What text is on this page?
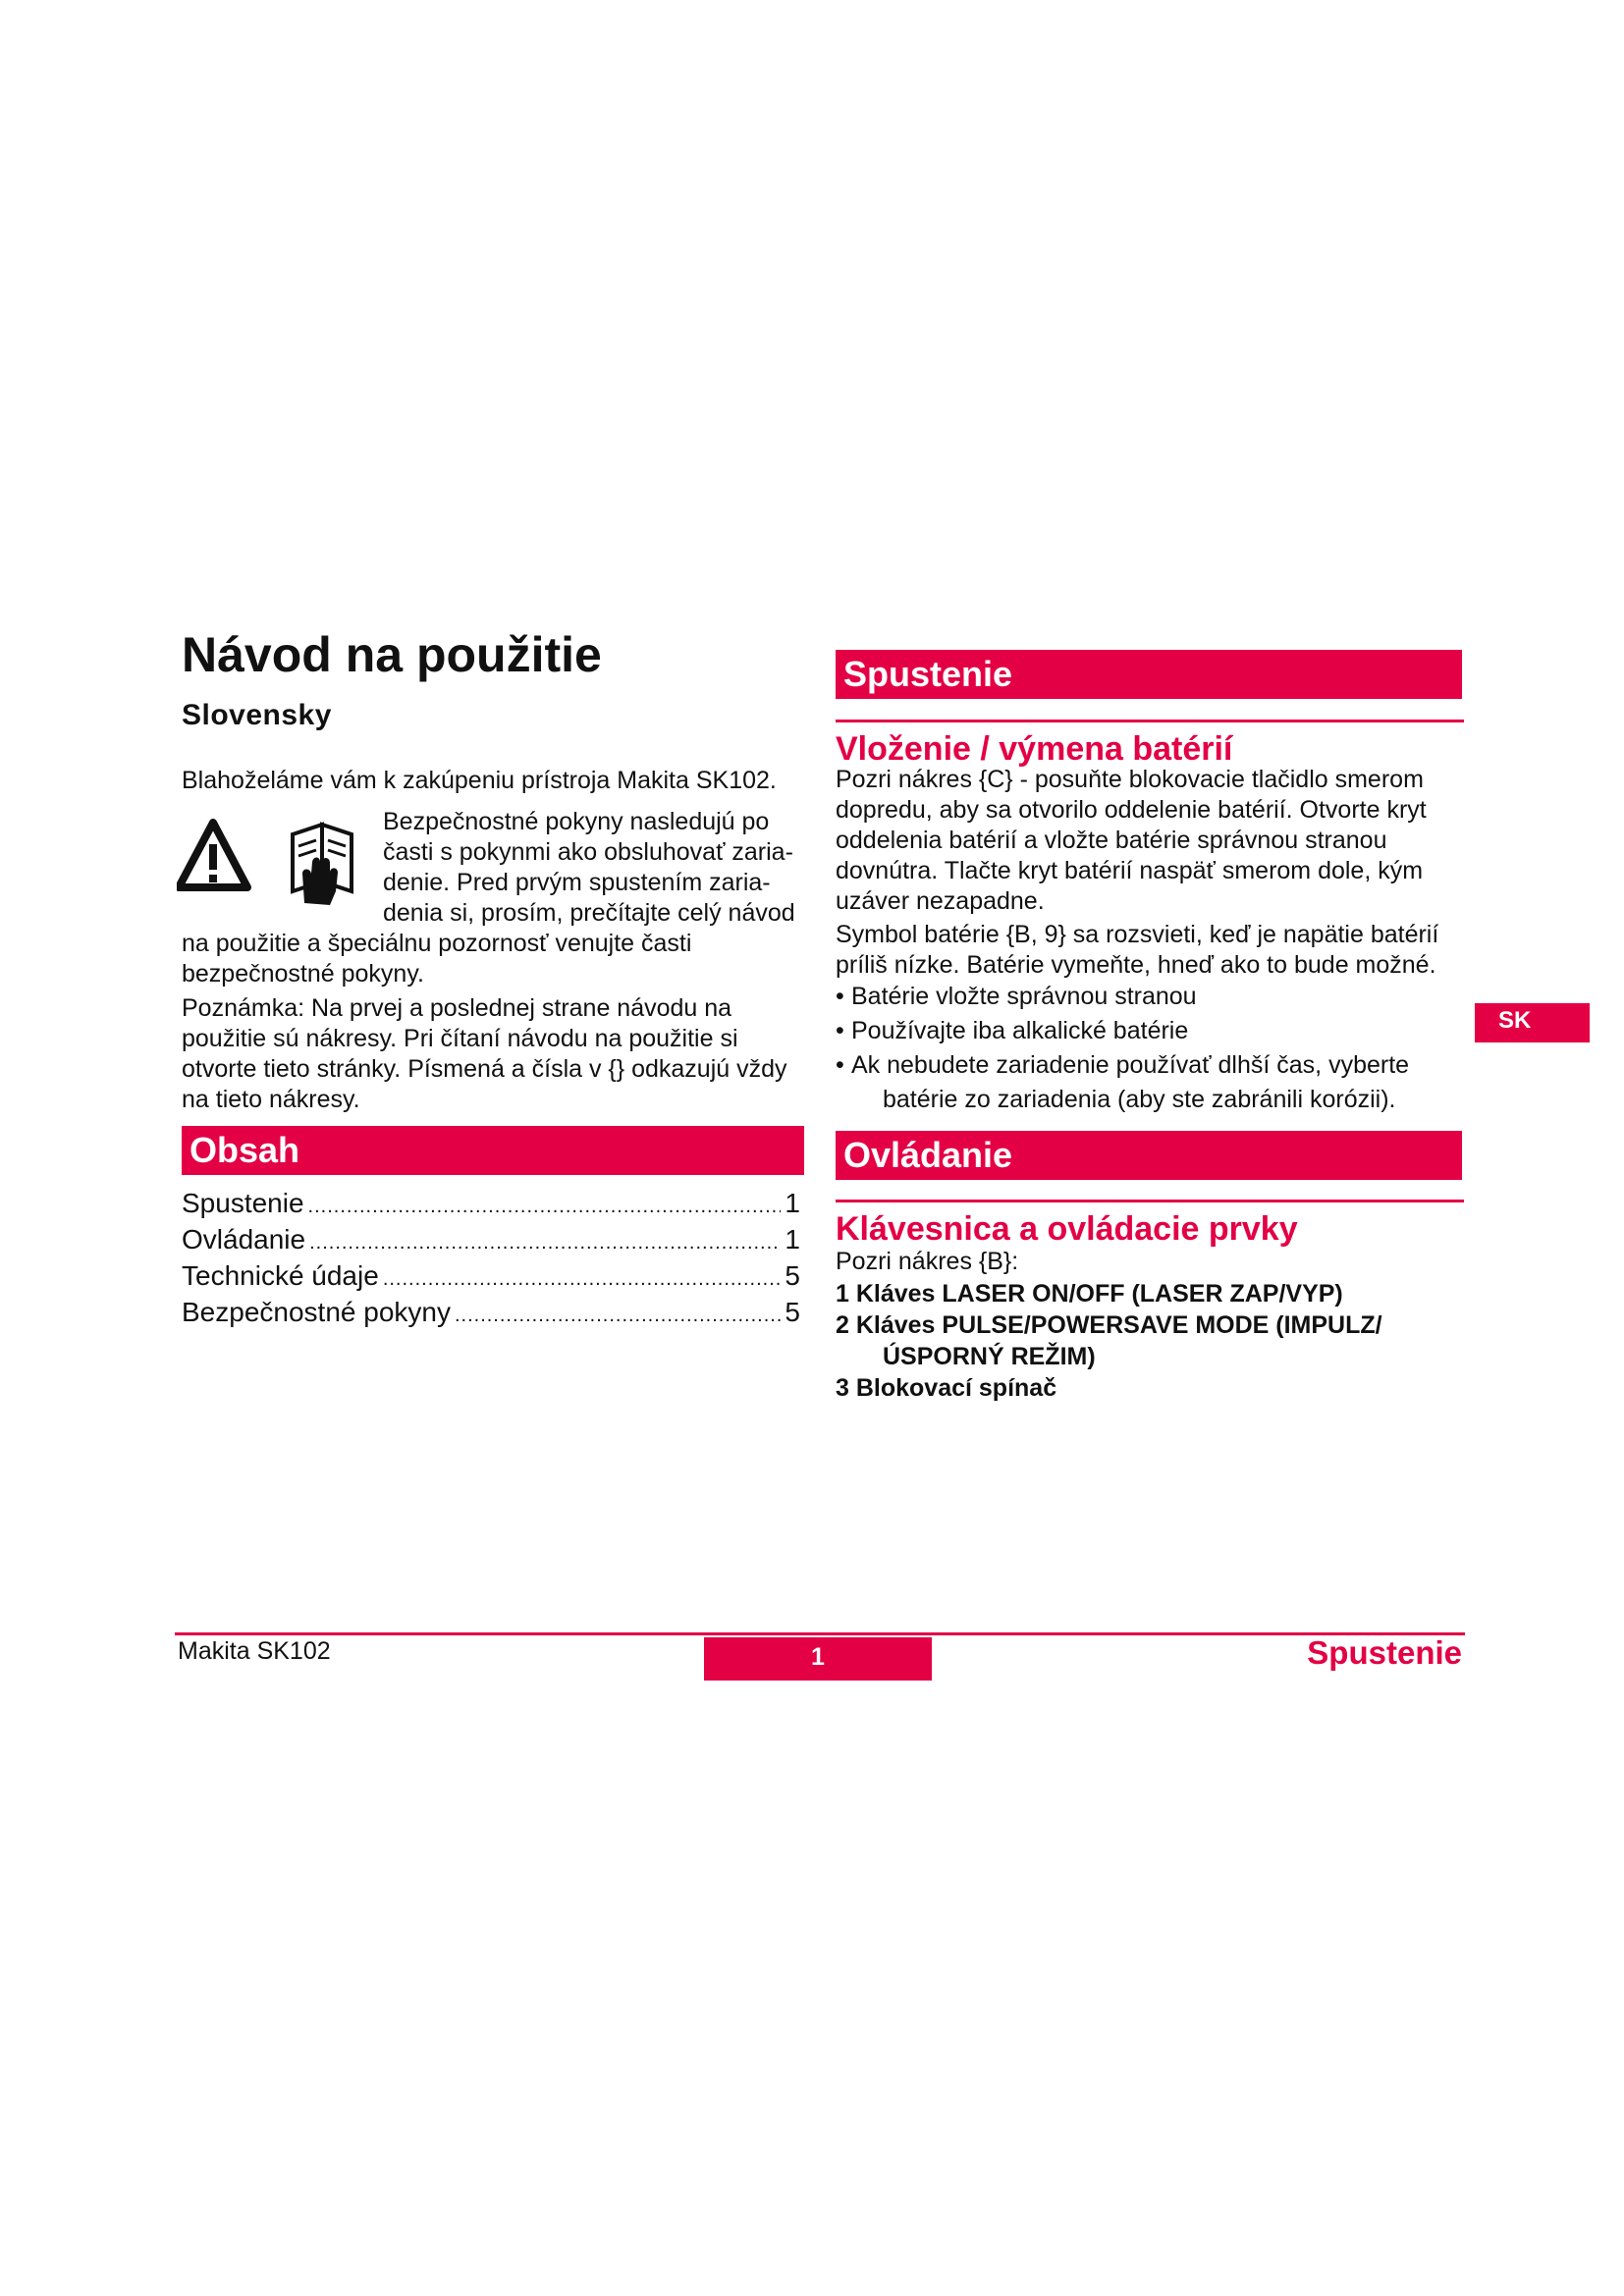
Návod na použitie
Slovensky

Blahoželáme vám k zakúpeniu prístroja Makita SK102.

Bezpečnostné pokyny nasledujú po

časti s pokynmi ako obsluhovať zaria-

denie. Pred prvým spustením zaria-

denia si, prosím, prečítajte celý návod

na použitie a špeciálnu pozornosť venujte časti

bezpečnostné pokyny.

Poznámka: Na prvej a poslednej strane návodu na

použitie sú nákresy. Pri čítaní návodu na použitie si

otvorte tieto stránky. Písmená a čísla v {} odkazujú vždy

na tieto nákresy.

Obsah
Spustenie .....	1
Ovládanie .....	1
Technické údaje .....	5
Bezpečnostné pokyny .....	5
Spustenie
Vloženie / výmena batérií

Pozri nákres {C} - posuňte blokovacie tlačidlo smerom

dopredu, aby sa otvorilo oddelenie batérií. Otvorte kryt

oddelenia batérií a vložte batérie správnou stranou

dovnútra. Tlačte kryt batérií naspäť smerom dole, kým

uzáver nezapadne.

Symbol batérie {B, 9} sa rozsvieti, keď je napätie batérií

príliš nízke. Batérie vymeňte, hneď ako to bude možné.

• Batérie vložte správnou stranou
• Používajte iba alkalické batérie
• Ak nebudete zariadenie používať dlhší čas, vyberte
batérie zo zariadenia (aby ste zabránili korózii).
Ovládanie
Klávesnica a ovládacie prvky

Pozri nákres {B}:

1 Kláves LASER ON/OFF (LASER ZAP/VYP)
2 Kláves PULSE/POWERSAVE MODE (IMPULZ/
ÚSPORNÝ REŽIM)
3 Blokovací spínač
SK
Makita SK102	1	Spustenie
